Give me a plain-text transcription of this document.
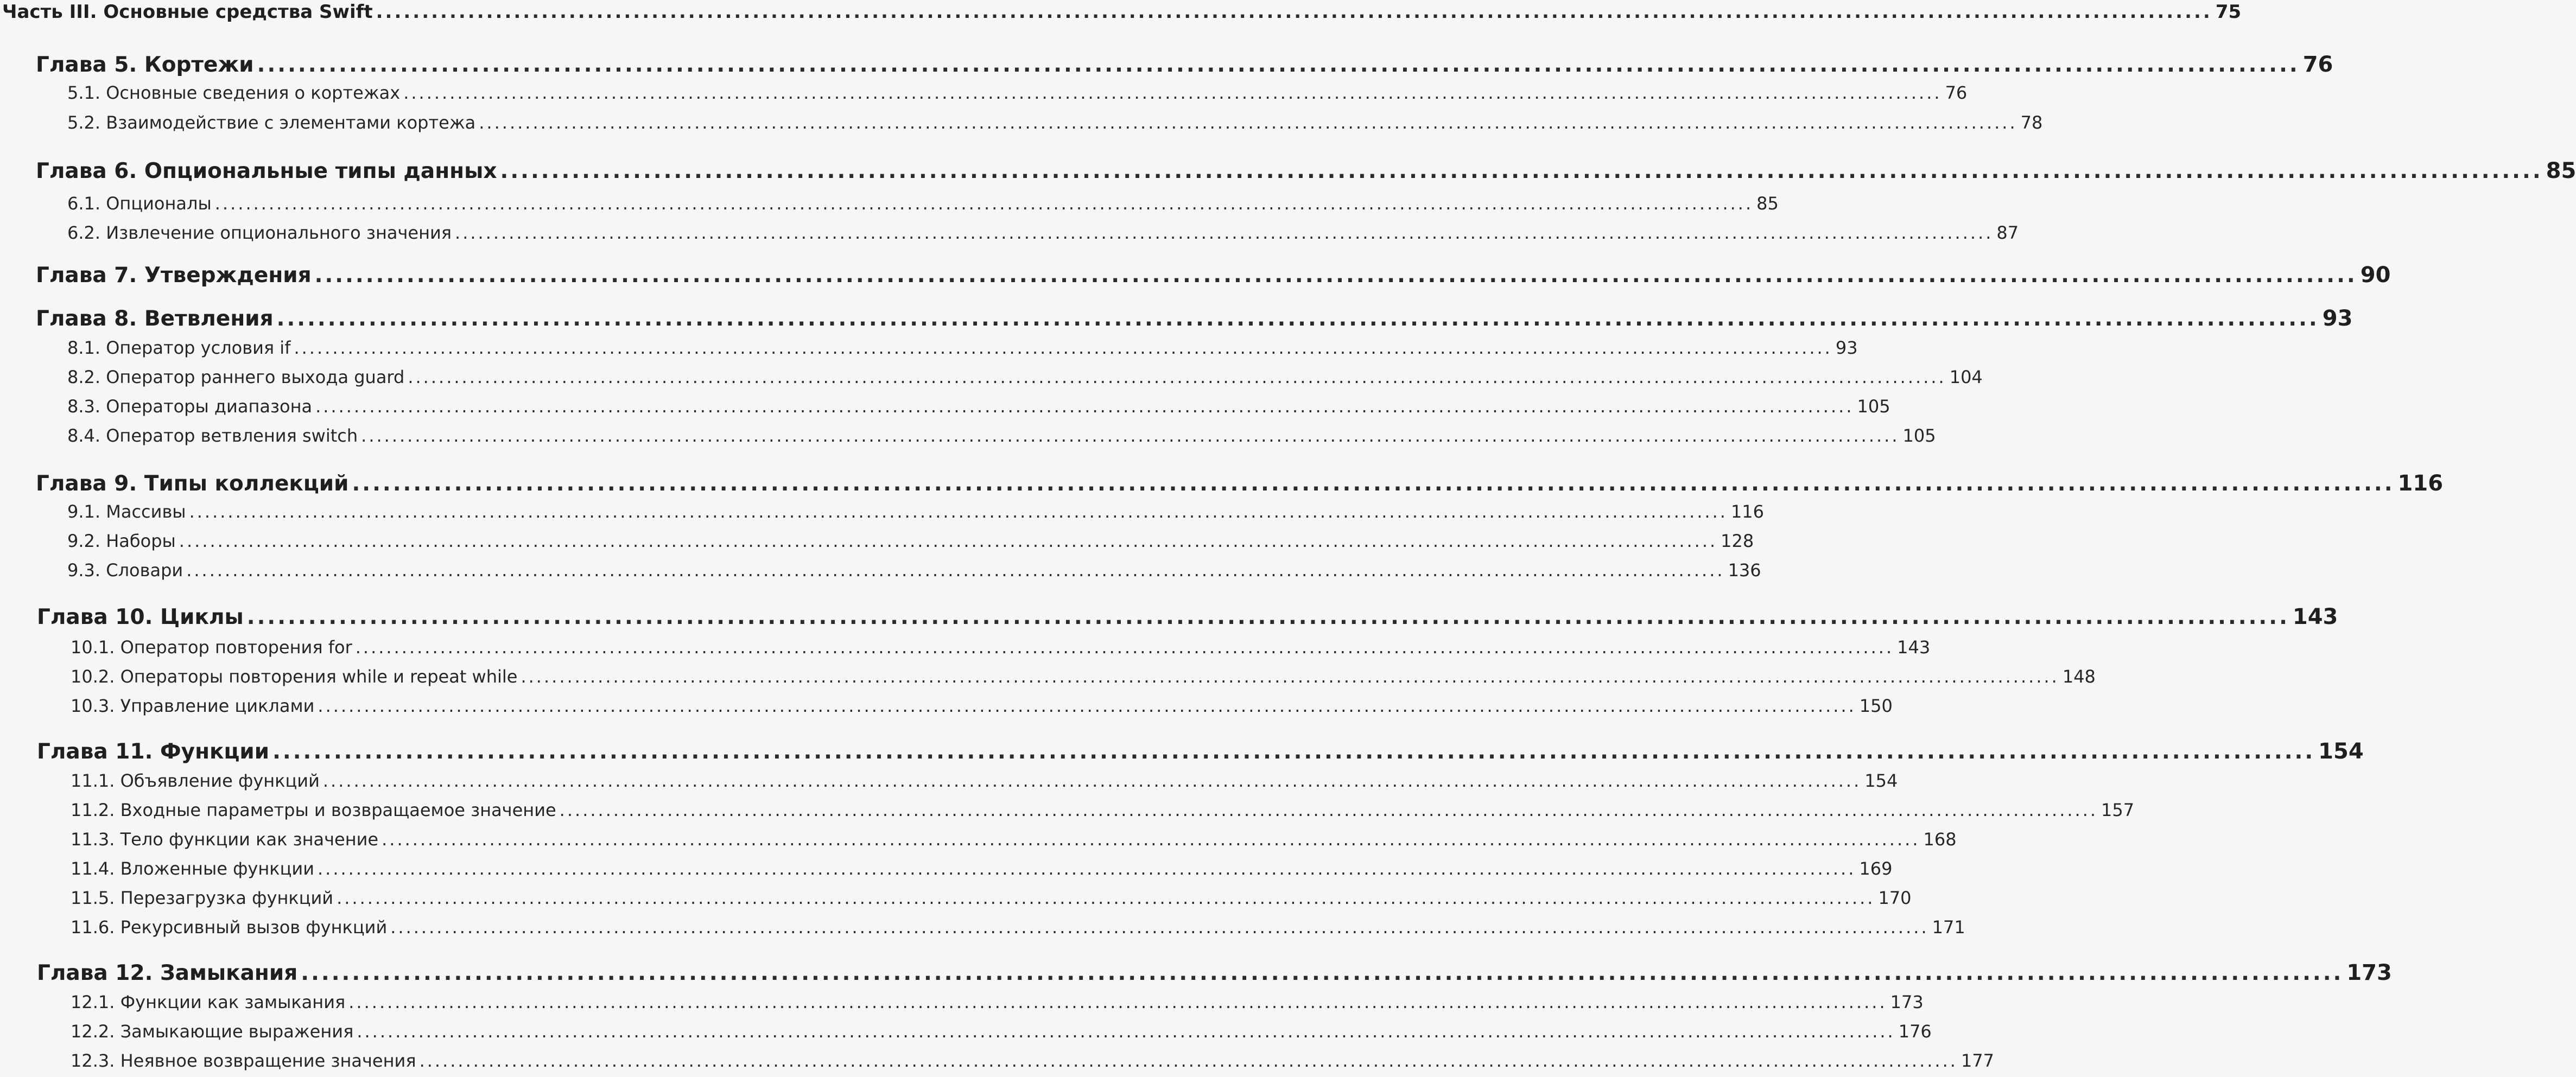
Часть III. Основные средства Swift ........................................................................................................................................................................................................ 75
Глава 5. Кортежи ........................................................................................................................................................................................................ 76
5.1. Основные сведения о кортежах ........................................................................................................................................................................................................ 76
5.2. Взаимодействие с элементами кортежа ........................................................................................................................................................................................................ 78
Глава 6. Опциональные типы данных ........................................................................................................................................................................................................ 85
6.1. Опционалы ........................................................................................................................................................................................................ 85
6.2. Извлечение опционального значения ........................................................................................................................................................................................................ 87
Глава 7. Утверждения ........................................................................................................................................................................................................ 90
Глава 8. Ветвления ........................................................................................................................................................................................................ 93
8.1. Оператор условия if ........................................................................................................................................................................................................ 93
8.2. Оператор раннего выхода guard ........................................................................................................................................................................................................ 104
8.3. Операторы диапазона ........................................................................................................................................................................................................ 105
8.4. Оператор ветвления switch ........................................................................................................................................................................................................ 105
Глава 9. Типы коллекций ........................................................................................................................................................................................................ 116
9.1. Массивы ........................................................................................................................................................................................................ 116
9.2. Наборы ........................................................................................................................................................................................................ 128
9.3. Словари ........................................................................................................................................................................................................ 136
Глава 10. Циклы ........................................................................................................................................................................................................ 143
10.1. Оператор повторения for ........................................................................................................................................................................................................ 143
10.2. Операторы повторения while и repeat while ........................................................................................................................................................................................................ 148
10.3. Управление циклами ........................................................................................................................................................................................................ 150
Глава 11. Функции ........................................................................................................................................................................................................ 154
11.1. Объявление функций ........................................................................................................................................................................................................ 154
11.2. Входные параметры и возвращаемое значение ........................................................................................................................................................................................................ 157
11.3. Тело функции как значение ........................................................................................................................................................................................................ 168
11.4. Вложенные функции ........................................................................................................................................................................................................ 169
11.5. Перезагрузка функций ........................................................................................................................................................................................................ 170
11.6. Рекурсивный вызов функций ........................................................................................................................................................................................................ 171
Глава 12. Замыкания ........................................................................................................................................................................................................ 173
12.1. Функции как замыкания ........................................................................................................................................................................................................ 173
12.2. Замыкающие выражения ........................................................................................................................................................................................................ 176
12.3. Неявное возвращение значения ........................................................................................................................................................................................................ 177
